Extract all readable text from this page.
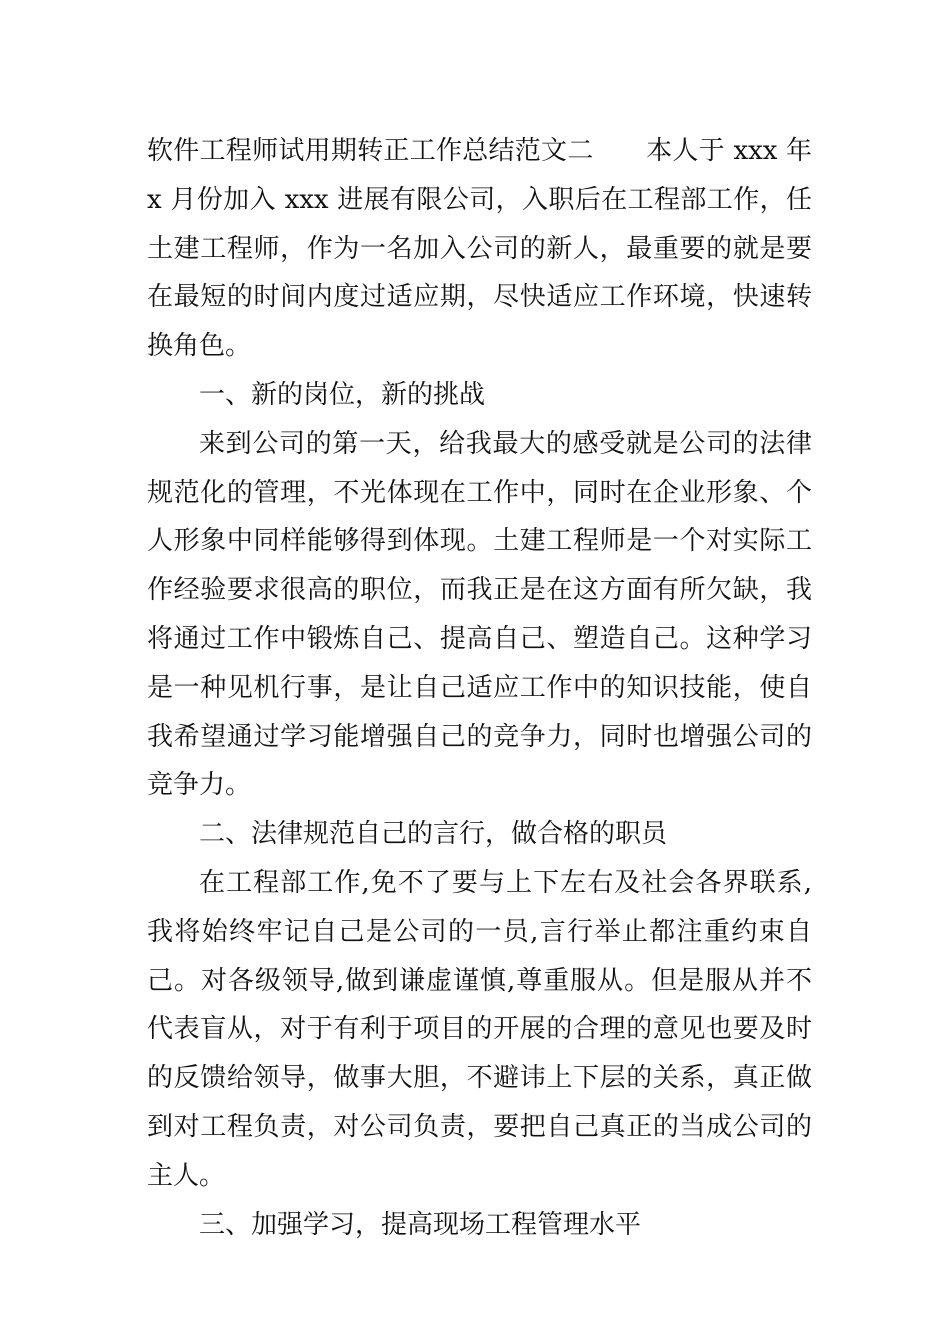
软件工程师试用期转正工作总结范文二　　本人于 xxx 年 x 月份加入 xxx 进展有限公司，入职后在工程部工作，任土建工程师，作为一名加入公司的新人，最重要的就是要在最短的时间内度过适应期，尽快适应工作环境，快速转换角色。

一、新的岗位，新的挑战

来到公司的第一天，给我最大的感受就是公司的法律规范化的管理，不光体现在工作中，同时在企业形象、个人形象中同样能够得到体现。土建工程师是一个对实际工作经验要求很高的职位，而我正是在这方面有所欠缺，我将通过工作中锻炼自己、提高自己、塑造自己。这种学习是一种见机行事，是让自己适应工作中的知识技能，使自我希望通过学习能增强自己的竞争力，同时也增强公司的竞争力。

二、法律规范自己的言行，做合格的职员

在工程部工作,免不了要与上下左右及社会各界联系,我将始终牢记自己是公司的一员,言行举止都注重约束自己。对各级领导,做到谦虚谨慎,尊重服从。但是服从并不代表盲从，对于有利于项目的开展的合理的意见也要及时的反馈给领导，做事大胆，不避讳上下层的关系，真正做到对工程负责，对公司负责，要把自己真正的当成公司的主人。

三、加强学习，提高现场工程管理水平
